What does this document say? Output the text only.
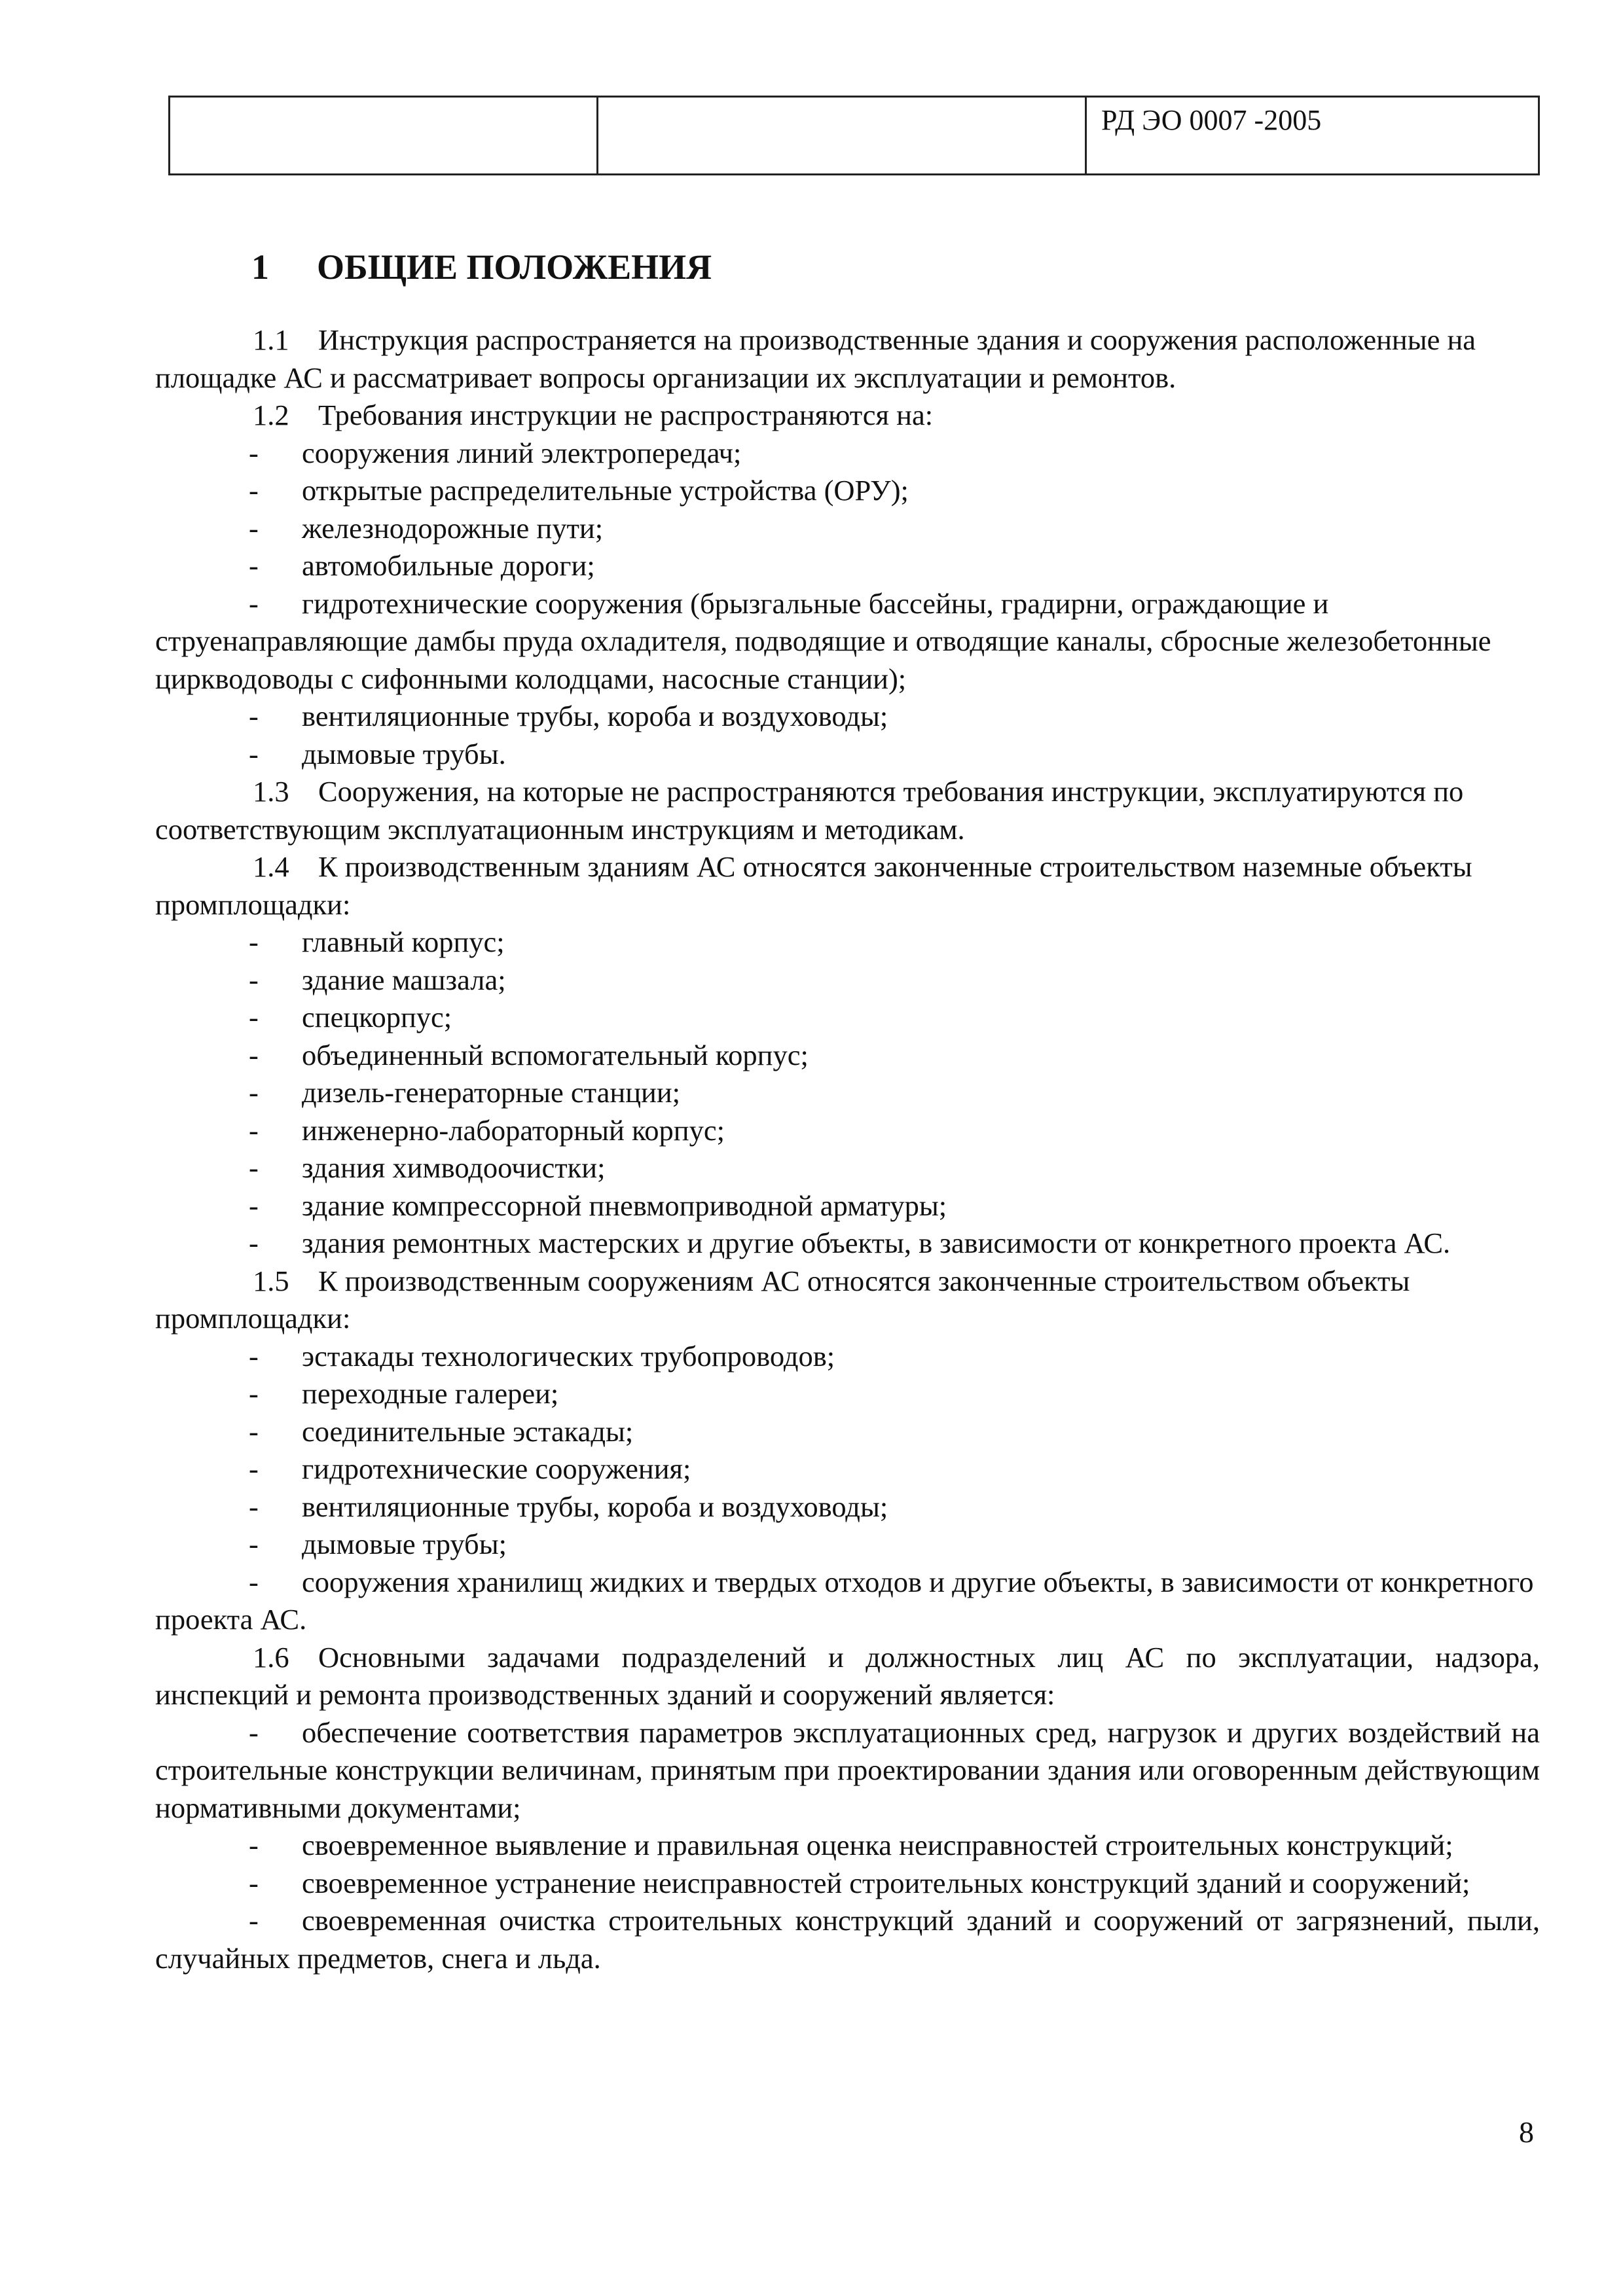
		РД ЭО 0007 -2005
1 ОБЩИЕ ПОЛОЖЕНИЯ

1.1 Инструкция распространяется на производственные здания и сооружения расположенные на площадке АС и рассматривает вопросы организации их эксплуатации и ремонтов.

1.2 Требования инструкции не распространяются на:

- сооружения линий электропередач;

- открытые распределительные устройства (ОРУ);

- железнодорожные пути;

- автомобильные дороги;

- гидротехнические сооружения (брызгальные бассейны, градирни, ограждающие и струенаправляющие дамбы пруда охладителя, подводящие и отводящие каналы, сбросные железобетонные циркводоводы с сифонными колодцами, насосные станции);

- вентиляционные трубы, короба и воздуховоды;

- дымовые трубы.

1.3 Сооружения, на которые не распространяются требования инструкции, эксплуатируются по соответствующим эксплуатационным инструкциям и методикам.

1.4 К производственным зданиям АС относятся законченные строительством наземные объекты промплощадки:

- главный корпус;

- здание машзала;

- спецкорпус;

- объединенный вспомогательный корпус;

- дизель-генераторные станции;

- инженерно-лабораторный корпус;

- здания химводоочистки;

- здание компрессорной пневмоприводной арматуры;

- здания ремонтных мастерских и другие объекты, в зависимости от конкретного проекта АС.

1.5 К производственным сооружениям АС относятся законченные строительством объекты промплощадки:

- эстакады технологических трубопроводов;

- переходные галереи;

- соединительные эстакады;

- гидротехнические сооружения;

- вентиляционные трубы, короба и воздуховоды;

- дымовые трубы;

- сооружения хранилищ жидких и твердых отходов и другие объекты, в зависимости от конкретного проекта АС.

1.6 Основными задачами подразделений и должностных лиц АС по эксплуатации, надзора, инспекций и ремонта производственных зданий и сооружений является:

- обеспечение соответствия параметров эксплуатационных сред, нагрузок и других воздействий на строительные конструкции величинам, принятым при проектировании здания или оговоренным действующим нормативными документами;

- своевременное выявление и правильная оценка неисправностей строительных конструкций;

- своевременное устранение неисправностей строительных конструкций зданий и сооружений;

- своевременная очистка строительных конструкций зданий и сооружений от загрязнений, пыли, случайных предметов, снега и льда.

8
